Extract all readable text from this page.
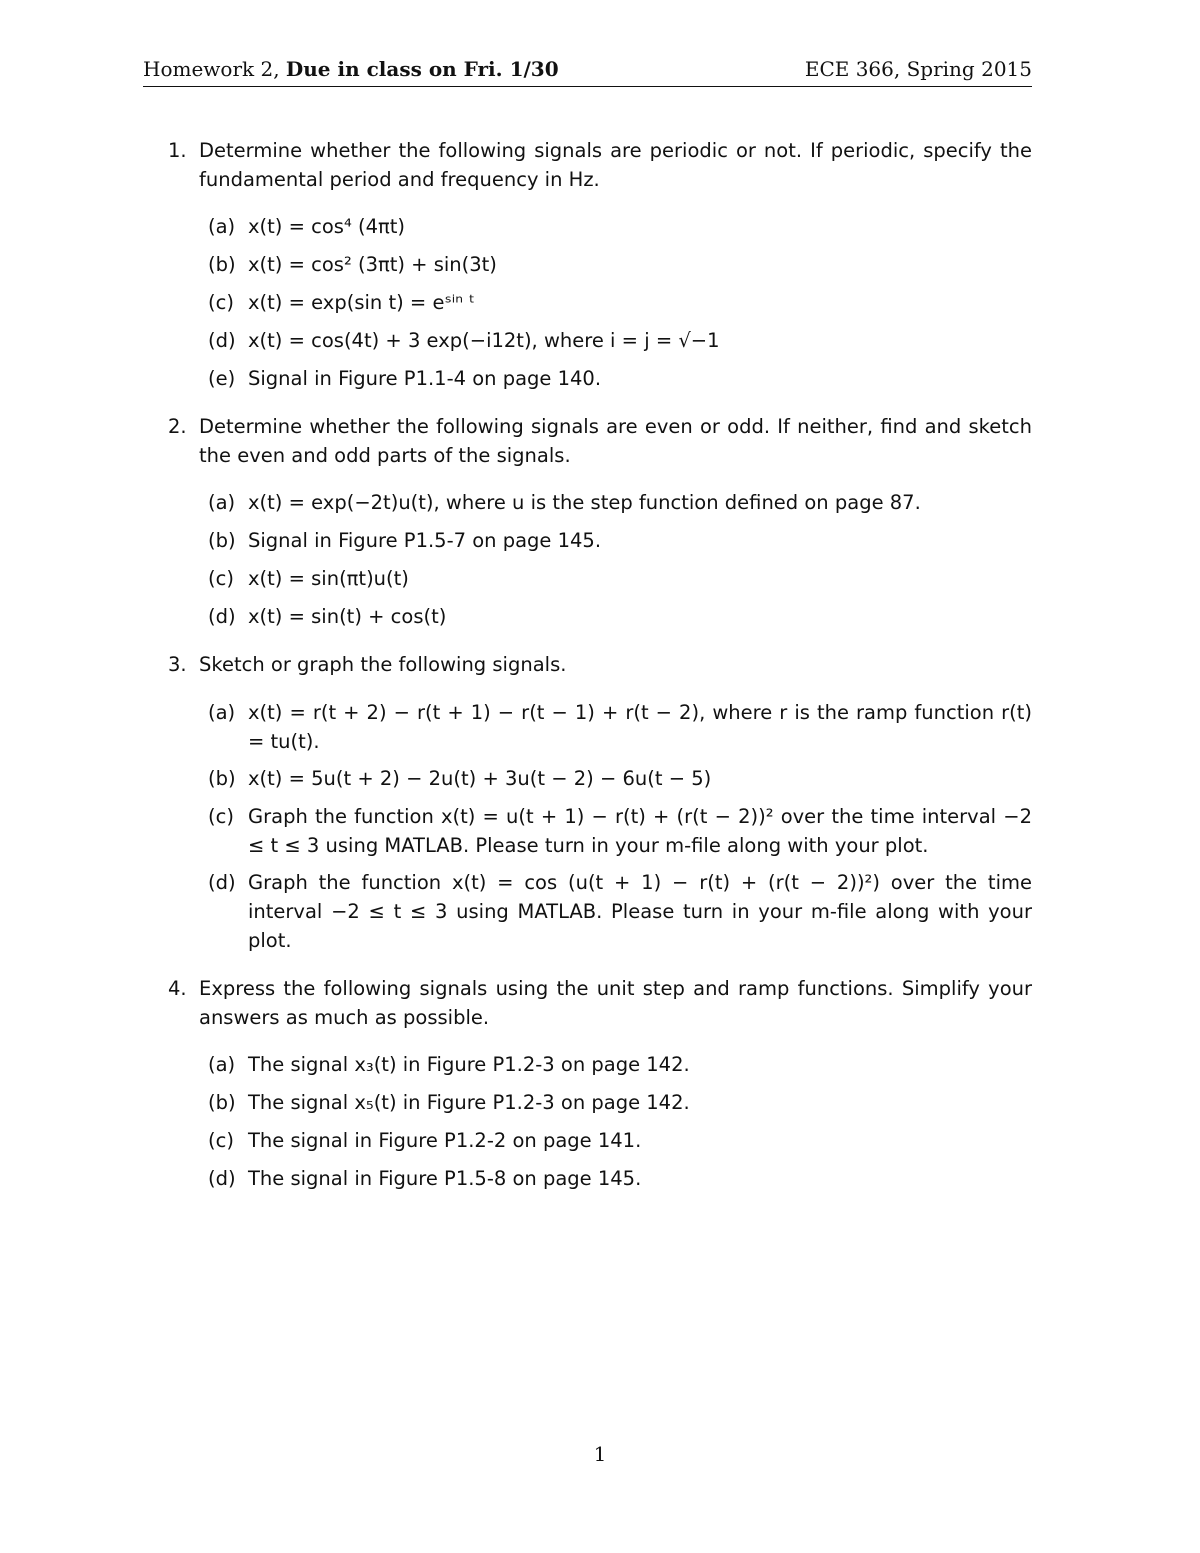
Homework 2, Due in class on Fri. 1/30	ECE 366, Spring 2015
1. Determine whether the following signals are periodic or not. If periodic, specify the fundamental period and frequency in Hz.
(a) x(t) = cos⁴ (4πt)
(b) x(t) = cos² (3πt) + sin(3t)
(c) x(t) = exp(sin t) = eˢⁱⁿ ᵗ
(d) x(t) = cos(4t) + 3 exp(−i12t), where i = j = √−1
(e) Signal in Figure P1.1-4 on page 140.
2. Determine whether the following signals are even or odd. If neither, find and sketch the even and odd parts of the signals.
(a) x(t) = exp(−2t)u(t), where u is the step function defined on page 87.
(b) Signal in Figure P1.5-7 on page 145.
(c) x(t) = sin(πt)u(t)
(d) x(t) = sin(t) + cos(t)
3. Sketch or graph the following signals.
(a) x(t) = r(t + 2) − r(t + 1) − r(t − 1) + r(t − 2), where r is the ramp function r(t) = tu(t).
(b) x(t) = 5u(t + 2) − 2u(t) + 3u(t − 2) − 6u(t − 5)
(c) Graph the function x(t) = u(t + 1) − r(t) + (r(t − 2))² over the time interval −2 ≤ t ≤ 3 using MATLAB. Please turn in your m-file along with your plot.
(d) Graph the function x(t) = cos (u(t + 1) − r(t) + (r(t − 2))²) over the time interval −2 ≤ t ≤ 3 using MATLAB. Please turn in your m-file along with your plot.
4. Express the following signals using the unit step and ramp functions. Simplify your answers as much as possible.
(a) The signal x₃(t) in Figure P1.2-3 on page 142.
(b) The signal x₅(t) in Figure P1.2-3 on page 142.
(c) The signal in Figure P1.2-2 on page 141.
(d) The signal in Figure P1.5-8 on page 145.
1
